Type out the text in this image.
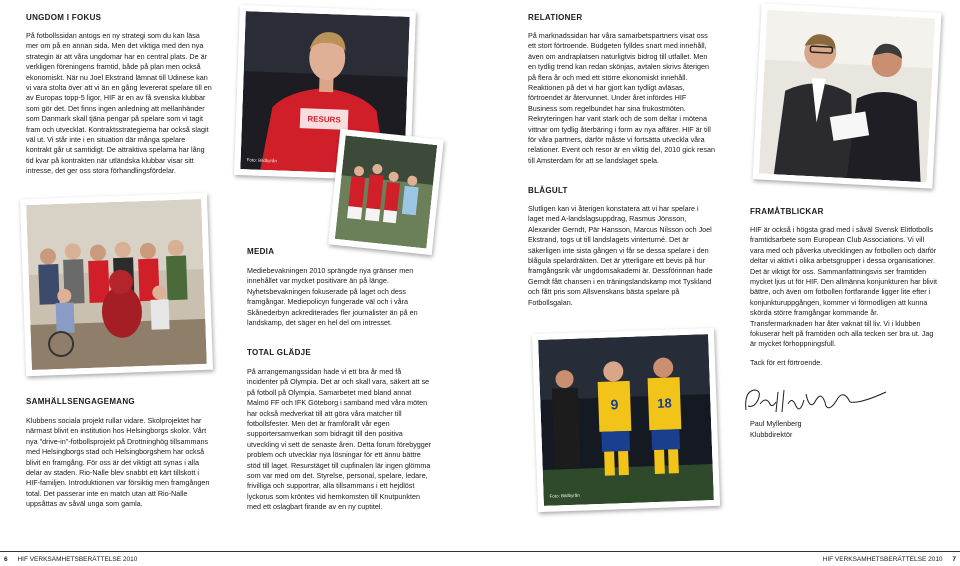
UNGDOM I FOKUS

På fotbollssidan antogs en ny strategi som du kan läsa mer om på en annan sida. Men det viktiga med den nya strategin är att våra ungdomar har en central plats. De är verkligen föreningens framtid, både på plan men också ekonomiskt. När nu Joel Ekstrand lämnat till Udinese kan vi vara stolta över att vi än en gång levererat spelare till en av Europas topp-5 ligor, HIF är en av få svenska klubbar som gör det. Det finns ingen anledning att mellanhänder som Danmark skall tjäna pengar på spelare som vi tagit fram och utvecklat. Kontraktsstrategierna har också slagit väl ut. Vi står inte i en situation där många spelare kontrakt går ut samtidigt. De attraktiva spelarna har lång tid kvar på kontrakten när utländska klubbar visar sitt intresse, det ger oss stora förhandlingsfördelar.

RESURS
Foto: Bildbyrån
SAMHÄLLSENGAGEMANG

Klubbens sociala projekt rullar vidare. Skolprojektet har närmast blivit en institution hos Helsingborgs skolor. Vårt nya "drive-in"-fotbollsprojekt på Drottninghög tillsammans med Helsingborgs stad och Helsingborgshem har också blivit en framgång. För oss är det viktigt att synas i alla delar av staden. Rio-Nalle blev snabbt ett kärt tillskott i HIF-familjen. Introduktionen var försiktig men framgången total. Det passerar inte en match utan att Rio-Nalle uppsåttas av såväl unga som gamla.

MEDIA

Mediebevakningen 2010 sprängde nya gränser men innehållet var mycket positivare än på länge. Nyhetsbevakningen fokuserade på laget och dess framgångar. Mediepolicyn fungerade väl och i våra Skånederbyn ackrediterades fler journalister än på en landskamp, det säger en hel del om intresset.

TOTAL GLÄDJE

På arrangemangssidan hade vi ett bra år med få incidenter på Olympia. Det ar och skall vara, säkert att se på fotboll på Olympia. Samarbetet med bland annat Malmö FF och IFK Göteborg i samband med våra möten har också medverkat till att göra våra matcher till fotbollsfester. Men det är framförallt vår egen supportersamverkan som bidragit till den positiva utveckling vi sett de senaste åren. Detta forum förebygger problem och utvecklar nya lösningar för ett ännu bättre stöd till laget. Resurstäget till cupfinalen lär ingen glömma som var med om det. Styrelse, personal, spelare, ledare, frivilliga och supportrar, alla tillsammans i ett hejdlöst lyckorus som kröntes vid hemkomsten till Knutpunkten med ett oslagbart firande av en ny cuptitel.

RELATIONER

På marknadssidan har våra samarbetspartners visat oss ett stort förtroende. Budgeten fylldes snart med innehåll, även om andraplatsen naturligtvis bidrog till utfallet. Men en tydlig trend kan redan skönjas, avtalen skrivs återigen på flera år och med ett större ekonomiskt innehåll. Reaktionen på det vi har gjort kan tydligt avläsas, förtroendet är återvunnet. Under året infördes HIF Business som regelbundet har sina frukostmöten. Rekryteringen har varit stark och de som deltar i mötena vittnar om tydlig återbäring i form av nya affärer. HIF är till för våra partners, därför måste vi fortsätta utveckla våra relationer. Event och resor är en viktig del, 2010 gick resan till Amsterdam för att se landslaget spela.

BLÅGULT

Slutligen kan vi återigen konstatera att vi har spelare i laget med A-landslagsuppdrag, Rasmus Jönsson, Alexander Gerndt, Pär Hansson, Marcus Nilsson och Joel Ekstrand, togs ut till landslagets vinterturné. Det är säkerligen inte sista gången vi får se dessa spelare i den blågula spelardräkten. Det är ytterligare ett bevis på hur framgångsrik vår ungdomsakademi är. Dessförinnan hade Gerndt fått chansen i en träningslandskamp mot Tyskland och fått pris som Allsvenskans bästa spelare på Fotbollsgalan.

9	18
Foto: Bildbyrån
FRAMÅTBLICKAR

HIF är också i högsta grad med i såväl Svensk Elitfotbolls framtidsarbete som European Club Associations. Vi vill vara med och påverka utvecklingen av fotbollen och därför deltar vi aktivt i olika arbetsgrupper i dessa organisationer. Det är viktigt för oss. Sammanfattningsvis ser framtiden mycket ljus ut för HIF. Den allmänna konjunkturen har blivit bättre, och även om fotbollen fortfarande ligger lite efter i konjunkturuppgången, kommer vi förmodligen att kunna skörda större framgångar kommande år. Transfermarknaden har åter vaknat till liv. Vi i klubben fokuserar helt på framtiden och alla tecken ser bra ut. Jag är mycket förhoppningsfull.

Tack för ert förtroende.

Paul Myllenberg

Klubbdirektör

6 HIF VERKSAMHETSBERÄTTELSE 2010	HIF VERKSAMHETSBERÄTTELSE 2010 7
